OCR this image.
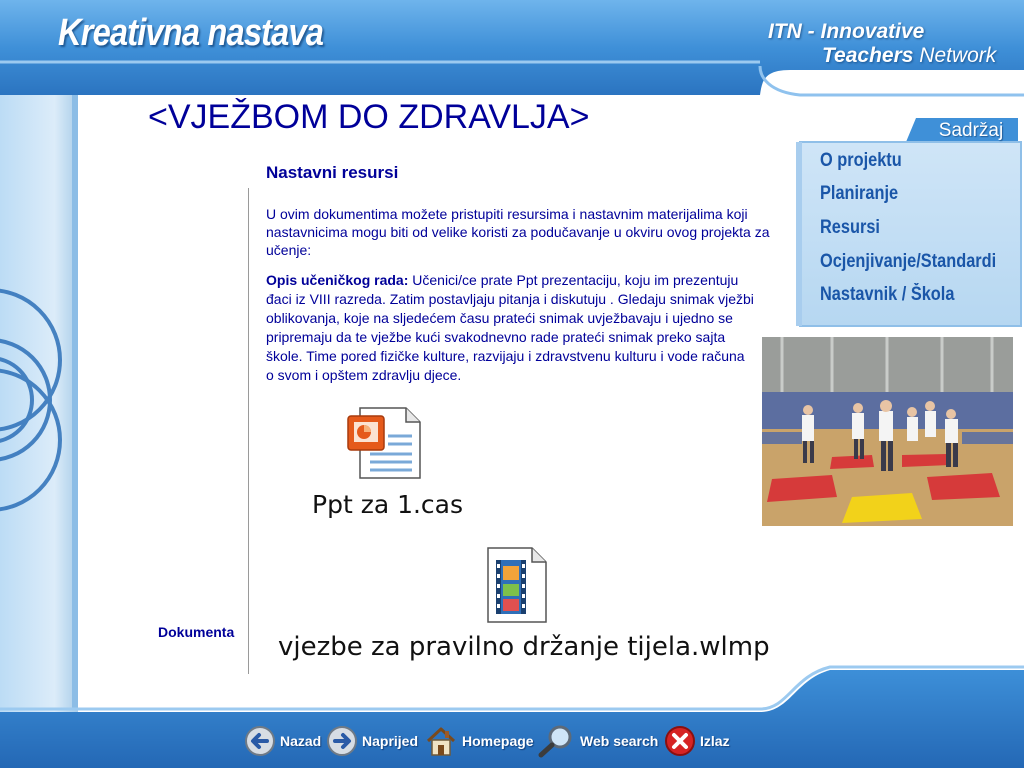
Kreativna nastava	ITN - Innovative
Teachers Network
<VJEŽBOM DO ZDRAVLJA>
Nastavni resursi
U ovim dokumentima možete pristupiti resursima i nastavnim materijalima koji nastavnicima mogu biti od velike koristi za podučavanje u okviru ovog projekta za učenje:
Opis učeničkog rada: Učenici/ce prate Ppt prezentaciju, koju im prezentuju đaci iz VIII razreda. Zatim postavljaju pitanja i diskutuju . Gledaju snimak vježbi oblikovanja, koje na sljedećem času prateći snimak uvježbavaju i ujedno se pripremaju da te vježbe kući svakodnevno rade prateći snimak preko sajta škole. Time pored fizičke kulture, razvijaju i zdravstvenu kulturu i vode računa o svom i opštem zdravlju djece.
Dokumenta
Ppt za 1.cas
vjezbe za pravilno držanje tijela.wlmp
Sadržaj
O projektu
Planiranje
Resursi
Ocjenjivanje/Standardi
Nastavnik / Škola
Nazad	Naprijed	Homepage	Web search	Izlaz
